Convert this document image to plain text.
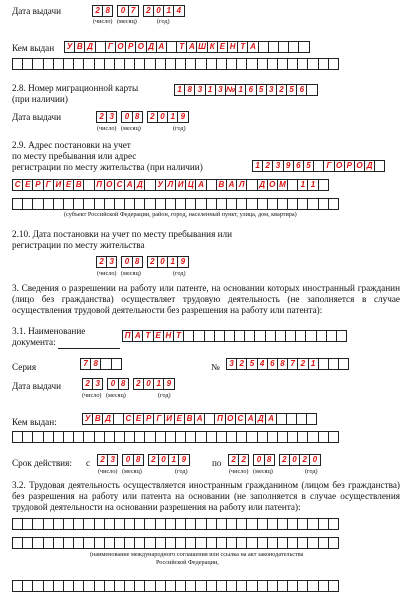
Дата выдачи	2 8	0 7	2 0 1 4
(число) (месяц)	(год)
Кем выдан	У В Д	Г О Р О Д А	Т А Ш К Е Н Т А
2.8. Номер миграционной карты
(при наличии)
1 8 3 1 3 № 1 6 5 3 2 5 6
Дата выдачи	2 3	0 8	2 0 1 9
(число) (месяц)	(год)
2.9. Адрес постановки на учет
по месту пребывания или адрес
регистрации по месту жительства (при наличии)	1 2 3 9 6 5	Г О Р О Д
С Е Р Г И Е В	П О С А Д	У Л И Ц А	В А Л	Д О М	1 1
(субъект Российской Федерации, район, город, населенный пункт, улица, дом, квартира)
2.10. Дата постановки на учет по месту пребывания или
регистрации по месту жительства
2 3	0 8	2 0 1 9
(число) (месяц)	(год)
3. Сведения о разрешении на работу или патенте, на основании которых иностранный гражданин (лицо без гражданства) осуществляет трудовую деятельность (не заполняется в случае осуществления трудовой деятельности без разрешения на работу или патента):
3.1. Наименование
документа:
П А Т Е Н Т
Серия	7 8	№	3 2 5 4 6 8 7 2 1
Дата выдачи	2 3	0 8	2 0 1 9
(число) (месяц)	(год)
Кем выдан:	У В Д	С Е Р Г И Е В А	П О С А Д А
Срок действия: с	2 3	0 8	2 0 1 9	по	2 2	0 8	2 0 2 0
(число) (месяц)	(год)	(число) (месяц)	(год)
3.2. Трудовая деятельность осуществляется иностранным гражданином (лицом без гражданства) без разрешения на работу или патента на основании (не заполняется в случае осуществления трудовой деятельности на основании разрешения на работу или патента):
(наименование международного соглашения или ссылка на акт законодательства
Российской Федерации,
